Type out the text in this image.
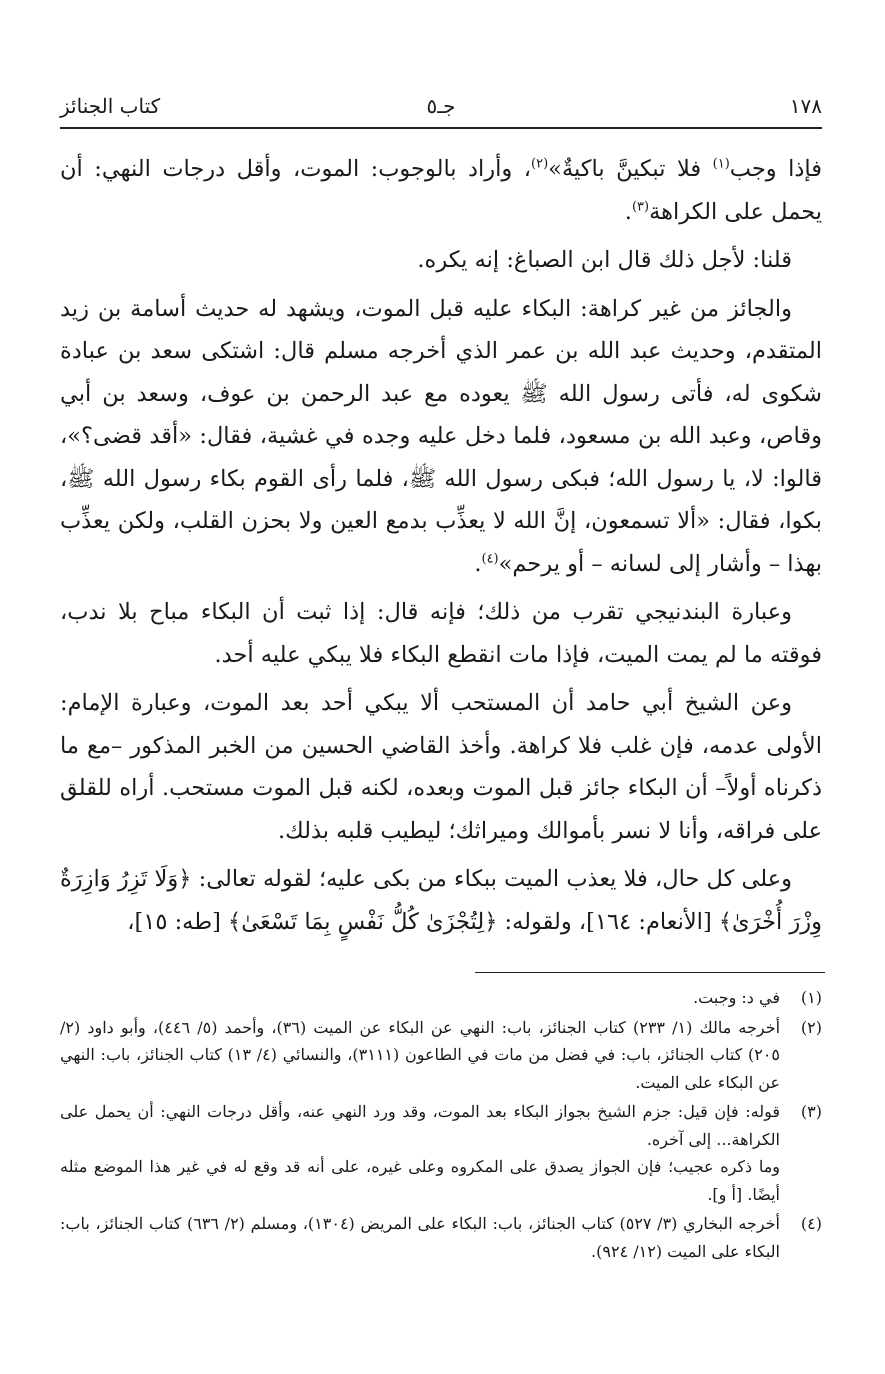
١٧٨
جـ٥
كتاب الجنائز

فإذا وجب$^{(١)}$ فلا تبكينَّ باكيةٌ»$^{(٢)}$، وأراد بالوجوب: الموت، وأقل درجات النهي: أن يحمل على الكراهة$^{(٣)}$.

قلنا: لأجل ذلك قال ابن الصباغ: إنه يكره.

والجائز من غير كراهة: البكاء عليه قبل الموت، ويشهد له حديث أسامة بن زيد المتقدم، وحديث عبد الله بن عمر الذي أخرجه مسلم قال: اشتكى سعد بن عبادة شكوى له، فأتى رسول الله ﷺ يعوده مع عبد الرحمن بن عوف، وسعد بن أبي وقاص، وعبد الله بن مسعود، فلما دخل عليه وجده في غشية، فقال: «أقد قضى؟»، قالوا: لا، يا رسول الله؛ فبكى رسول الله ﷺ، فلما رأى القوم بكاء رسول الله ﷺ، بكوا، فقال: «ألا تسمعون، إنَّ الله لا يعذِّب بدمع العين ولا بحزن القلب، ولكن يعذِّب بهذا – وأشار إلى لسانه – أو يرحم»$^{(٤)}$.

وعبارة البندنيجي تقرب من ذلك؛ فإنه قال: إذا ثبت أن البكاء مباح بلا ندب، فوقته ما لم يمت الميت، فإذا مات انقطع البكاء فلا يبكي عليه أحد.

وعن الشيخ أبي حامد أن المستحب ألا يبكي أحد بعد الموت، وعبارة الإمام: الأولى عدمه، فإن غلب فلا كراهة. وأخذ القاضي الحسين من الخبر المذكور –مع ما ذكرناه أولاً– أن البكاء جائز قبل الموت وبعده، لكنه قبل الموت مستحب. أراه للقلق على فراقه، وأنا لا نسر بأموالك وميراثك؛ ليطيب قلبه بذلك.

وعلى كل حال، فلا يعذب الميت ببكاء من بكى عليه؛ لقوله تعالى: ﴿وَلَا تَزِرُ وَازِرَةٌ وِزْرَ أُخْرَىٰ﴾ [الأنعام: ١٦٤]، ولقوله: ﴿لِتُجْزَىٰ كُلُّ نَفْسٍ بِمَا تَسْعَىٰ﴾ [طه: ١٥]،

(١)
في د: وجبت.
(٢)
أخرجه مالك (١/ ٢٣٣) كتاب الجنائز، باب: النهي عن البكاء عن الميت (٣٦)، وأحمد (٥/ ٤٤٦)، وأبو داود (٢/ ٢٠٥) كتاب الجنائز، باب: في فضل من مات في الطاعون (٣١١١)، والنسائي (٤/ ١٣) كتاب الجنائز، باب: النهي عن البكاء على الميت.
(٣)
قوله: فإن قيل: جزم الشيخ بجواز البكاء بعد الموت، وقد ورد النهي عنه، وأقل درجات النهي: أن يحمل على الكراهة... إلى آخره.
وما ذكره عجيب؛ فإن الجواز يصدق على المكروه وعلى غيره، على أنه قد وقع له في غير هذا الموضع مثله أيضًا. [أ و].
(٤)
أخرجه البخاري (٣/ ٥٢٧) كتاب الجنائز، باب: البكاء على المريض (١٣٠٤)، ومسلم (٢/ ٦٣٦) كتاب الجنائز، باب: البكاء على الميت (١٢/ ٩٢٤).
